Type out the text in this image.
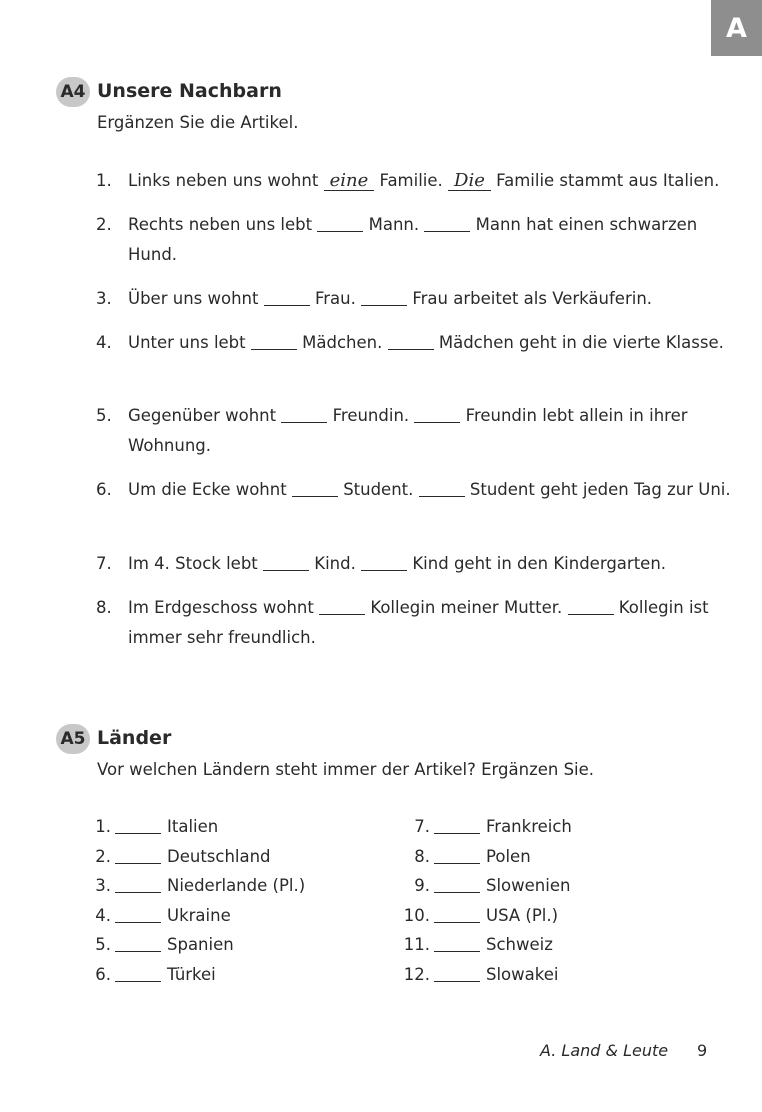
A
A4 Unsere Nachbarn
Ergänzen Sie die Artikel.
1. Links neben uns wohnt eine Familie. Die Familie stammt aus Italien.
2. Rechts neben uns lebt	Mann.	Mann hat einen schwarzen Hund.
3. Über uns wohnt	Frau.	Frau arbeitet als Verkäuferin.
4. Unter uns lebt	Mädchen.	Mädchen geht in die vierte Klasse.
5. Gegenüber wohnt	Freundin.	Freundin lebt allein in ihrer Wohnung.
6. Um die Ecke wohnt	Student.	Student geht jeden Tag zur Uni.
7. Im 4. Stock lebt	Kind.	Kind geht in den Kindergarten.
8. Im Erdgeschoss wohnt	Kollegin meiner Mutter.	Kollegin ist immer sehr freundlich.
A5 Länder
Vor welchen Ländern steht immer der Artikel? Ergänzen Sie.
1.	Italien
2.	Deutschland
3.	Niederlande (Pl.)
4.	Ukraine
5.	Spanien
6.	Türkei
7.	Frankreich
8.	Polen
9.	Slowenien
10.	USA (Pl.)
11.	Schweiz
12.	Slowakei
A. Land & Leute 9
